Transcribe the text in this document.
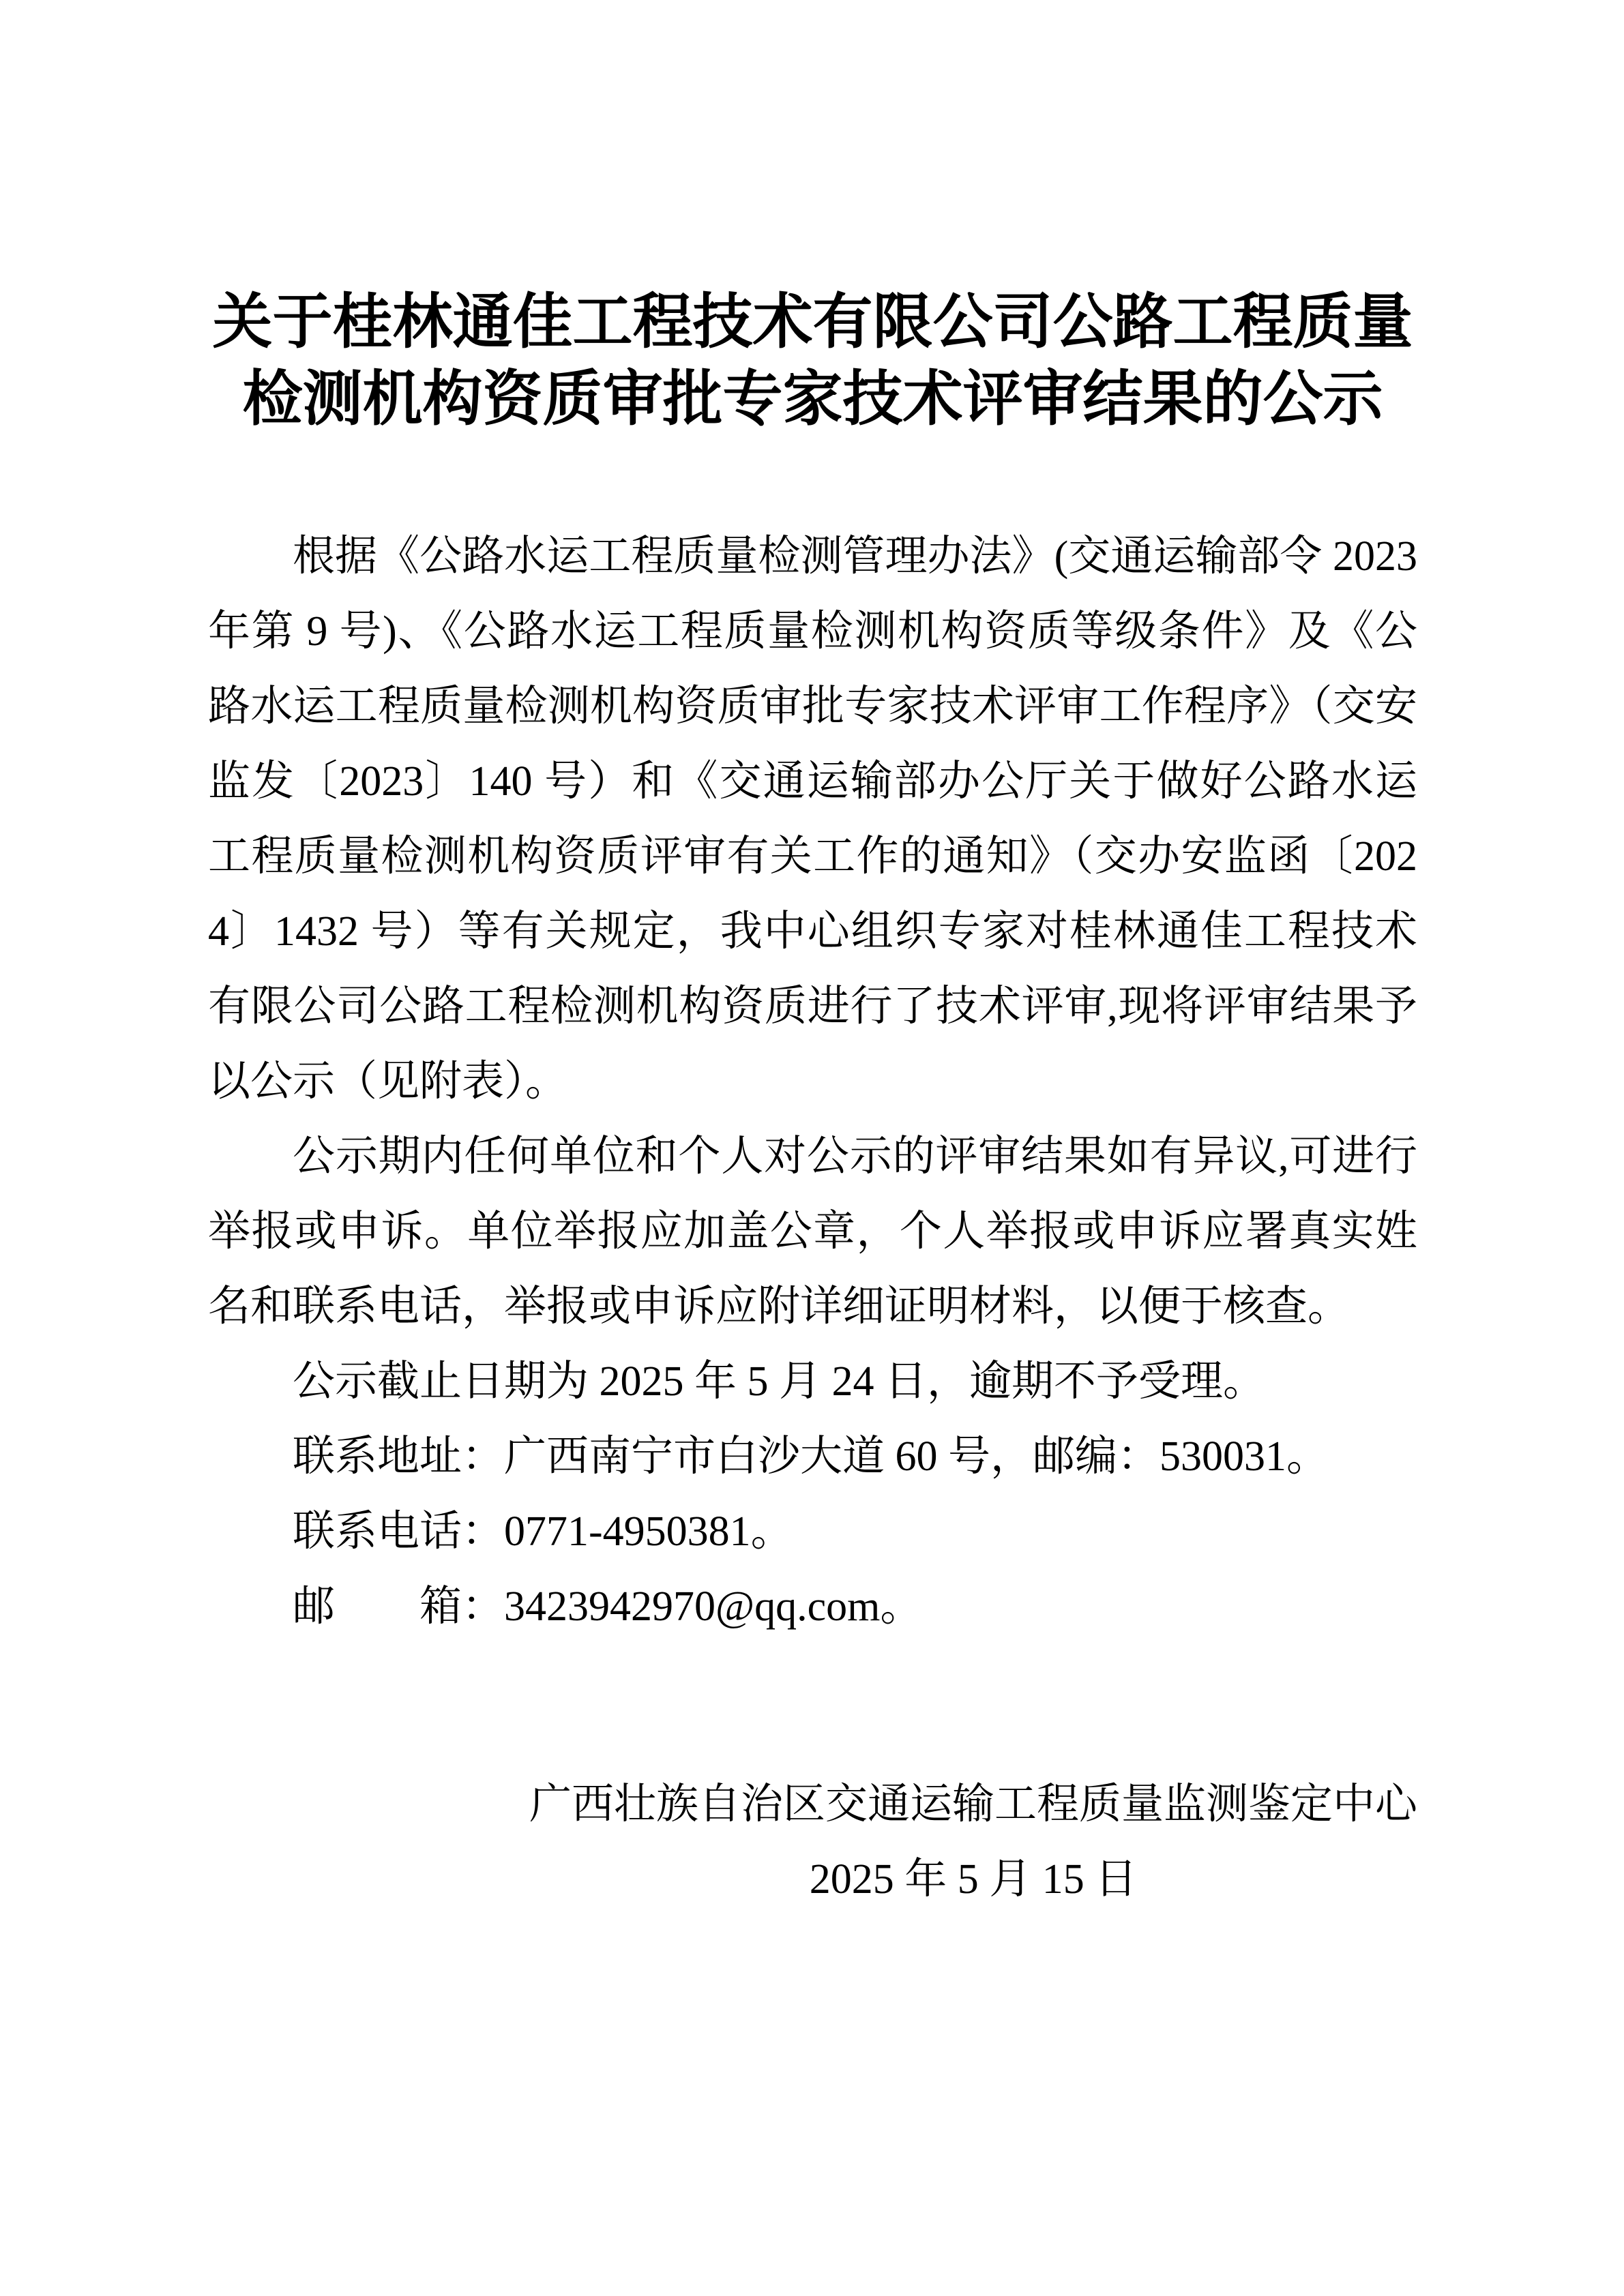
关于桂林通佳工程技术有限公司公路工程质量
检测机构资质审批专家技术评审结果的公示

根据《公路水运工程质量检测管理办法》(交通运输部令 2023 年第 9 号)、《公路水运工程质量检测机构资质等级条件》及《公路水运工程质量检测机构资质审批专家技术评审工作程序》（交安监发〔2023〕140 号）和《交通运输部办公厅关于做好公路水运工程质量检测机构资质评审有关工作的通知》（交办安监函〔2024〕1432 号）等有关规定，我中心组织专家对桂林通佳工程技术有限公司公路工程检测机构资质进行了技术评审,现将评审结果予以公示（见附表）。

公示期内任何单位和个人对公示的评审结果如有异议,可进行举报或申诉。单位举报应加盖公章，个人举报或申诉应署真实姓名和联系电话，举报或申诉应附详细证明材料，以便于核查。

公示截止日期为 2025 年 5 月 24 日，逾期不予受理。

联系地址：广西南宁市白沙大道 60 号，邮编：530031。

联系电话：0771-4950381。

邮　　箱：3423942970@qq.com。

广西壮族自治区交通运输工程质量监测鉴定中心
2025 年 5 月 15 日
